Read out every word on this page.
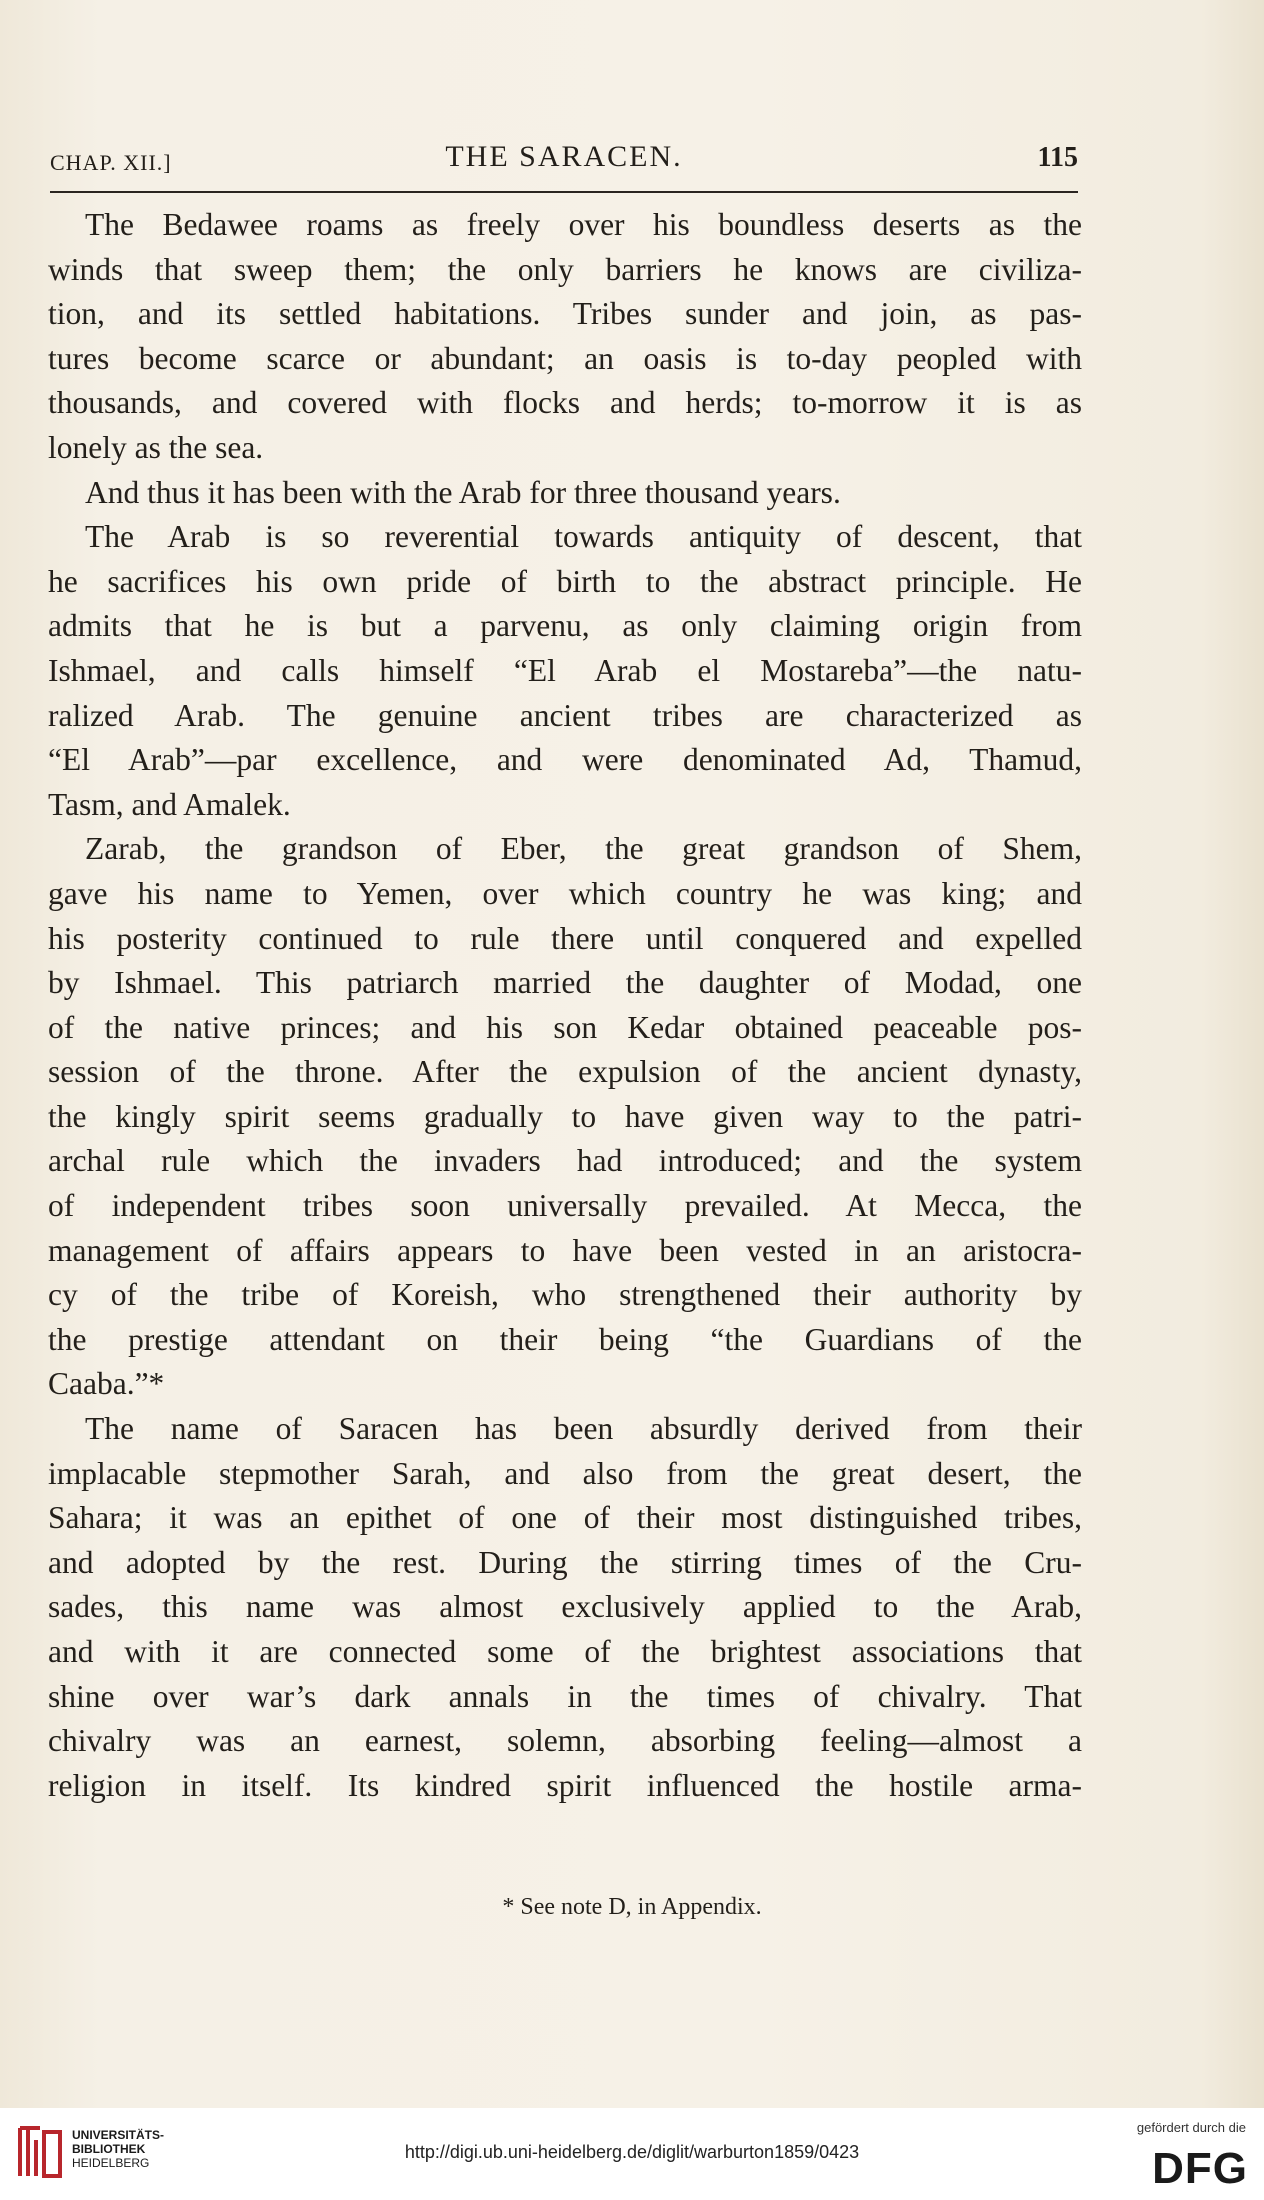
CHAP. XII.]	THE SARACEN.	115

The Bedawee roams as freely over his boundless deserts as the

winds that sweep them; the only barriers he knows are civiliza-
tion, and its settled habitations. Tribes sunder and join, as pas-
tures become scarce or abundant; an oasis is to-day peopled with
thousands, and covered with flocks and herds; to-morrow it is as
lonely as the sea.

And thus it has been with the Arab for three thousand years.

The Arab is so reverential towards antiquity of descent, that

he sacrifices his own pride of birth to the abstract principle. He
admits that he is but a parvenu, as only claiming origin from
Ishmael, and calls himself “El Arab el Mostareba”—the natu-
ralized Arab. The genuine ancient tribes are characterized as
“El Arab”—par excellence, and were denominated Ad, Thamud,
Tasm, and Amalek.

Zarab, the grandson of Eber, the great grandson of Shem,

gave his name to Yemen, over which country he was king; and
his posterity continued to rule there until conquered and expelled
by Ishmael. This patriarch married the daughter of Modad, one
of the native princes; and his son Kedar obtained peaceable pos-
session of the throne. After the expulsion of the ancient dynasty,
the kingly spirit seems gradually to have given way to the patri-
archal rule which the invaders had introduced; and the system
of independent tribes soon universally prevailed. At Mecca, the
management of affairs appears to have been vested in an aristocra-
cy of the tribe of Koreish, who strengthened their authority by
the prestige attendant on their being “the Guardians of the
Caaba.”*

The name of Saracen has been absurdly derived from their

implacable stepmother Sarah, and also from the great desert, the
Sahara; it was an epithet of one of their most distinguished tribes,
and adopted by the rest. During the stirring times of the Cru-
sades, this name was almost exclusively applied to the Arab,
and with it are connected some of the brightest associations that
shine over war’s dark annals in the times of chivalry. That
chivalry was an earnest, solemn, absorbing feeling—almost a
religion in itself. Its kindred spirit influenced the hostile arma-
* See note D, in Appendix.
UNIVERSITÄTS-
BIBLIOTHEK
HEIDELBERG
http://digi.ub.uni-heidelberg.de/diglit/warburton1859/0423
gefördert durch die
DFG
